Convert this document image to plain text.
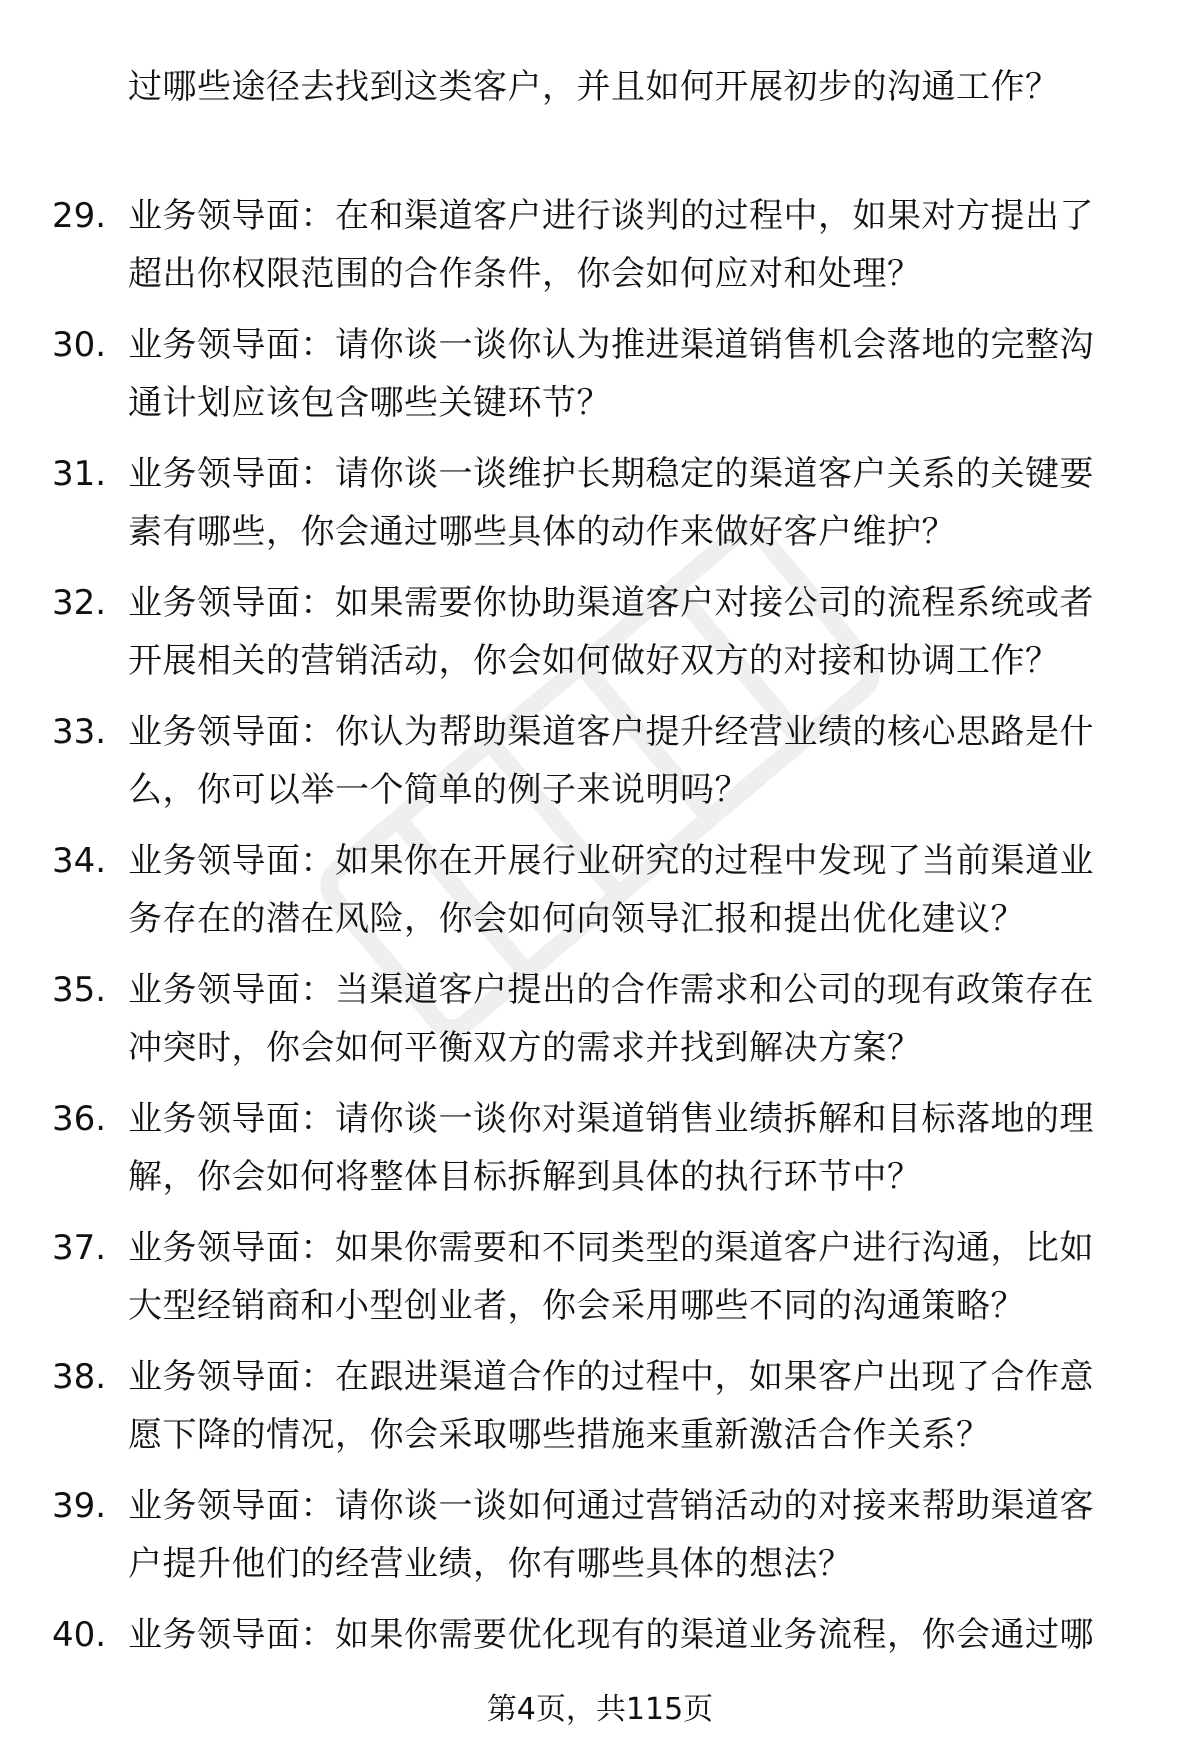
过哪些途径去找到这类客户，并且如何开展初步的沟通工作？
29. 业务领导面：在和渠道客户进行谈判的过程中，如果对方提出了
超出你权限范围的合作条件，你会如何应对和处理？
30. 业务领导面：请你谈一谈你认为推进渠道销售机会落地的完整沟
通计划应该包含哪些关键环节？
31. 业务领导面：请你谈一谈维护长期稳定的渠道客户关系的关键要
素有哪些，你会通过哪些具体的动作来做好客户维护？
32. 业务领导面：如果需要你协助渠道客户对接公司的流程系统或者
开展相关的营销活动，你会如何做好双方的对接和协调工作？
33. 业务领导面：你认为帮助渠道客户提升经营业绩的核心思路是什
么，你可以举一个简单的例子来说明吗？
34. 业务领导面：如果你在开展行业研究的过程中发现了当前渠道业
务存在的潜在风险，你会如何向领导汇报和提出优化建议？
35. 业务领导面：当渠道客户提出的合作需求和公司的现有政策存在
冲突时，你会如何平衡双方的需求并找到解决方案？
36. 业务领导面：请你谈一谈你对渠道销售业绩拆解和目标落地的理
解，你会如何将整体目标拆解到具体的执行环节中？
37. 业务领导面：如果你需要和不同类型的渠道客户进行沟通，比如
大型经销商和小型创业者，你会采用哪些不同的沟通策略？
38. 业务领导面：在跟进渠道合作的过程中，如果客户出现了合作意
愿下降的情况，你会采取哪些措施来重新激活合作关系？
39. 业务领导面：请你谈一谈如何通过营销活动的对接来帮助渠道客
户提升他们的经营业绩，你有哪些具体的想法？
40. 业务领导面：如果你需要优化现有的渠道业务流程，你会通过哪
第4页，共115页
